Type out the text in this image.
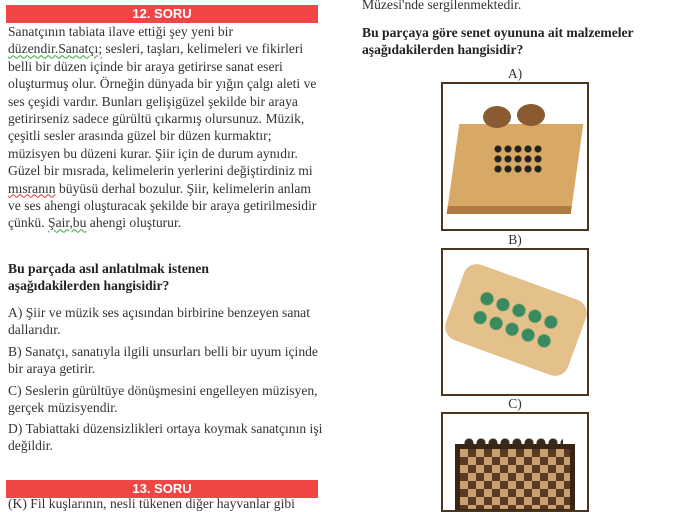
12. SORU
Sanatçının tabiata ilave ettiği şey yeni bir düzendir.Sanatçı; sesleri, taşları, kelimeleri ve fikirleri belli bir düzen içinde bir araya getirirse sanat eseri oluşturmuş olur. Örneğin dünyada bir yığın çalgı aleti ve ses çeşidi vardır. Bunları gelişigüzel şekilde bir araya getirirseniz sadece gürültü çıkarmış olursunuz. Müzik, çeşitli sesler arasında güzel bir düzen kurmaktır; müzisyen bu düzeni kurar. Şiir için de durum aynıdır. Güzel bir mısrada, kelimelerin yerlerini değiştirdiniz mi mısranın büyüsü derhal bozulur. Şiir, kelimelerin anlam ve ses ahengi oluşturacak şekilde bir araya getirilmesidir çünkü. Şair,bu ahengi oluşturur.
Bu parçada asıl anlatılmak istenen aşağıdakilerden hangisidir?
A) Şiir ve müzik ses açısından birbirine benzeyen sanat dallarıdır.
B) Sanatçı, sanatıyla ilgili unsurları belli bir uyum içinde bir araya getirir.
C) Seslerin gürültüye dönüşmesini engelleyen müzisyen, gerçek müzisyendir.
D) Tabiattaki düzensizlikleri ortaya koymak sanatçının işi değildir.
13. SORU
(K) Fil kuşlarının, nesli tükenen diğer hayvanlar gibi
Müzesi'nde sergilenmektedir.
Bu parçaya göre senet oyununa ait malzemeler aşağıdakilerden hangisidir?
A)
B)
C)
